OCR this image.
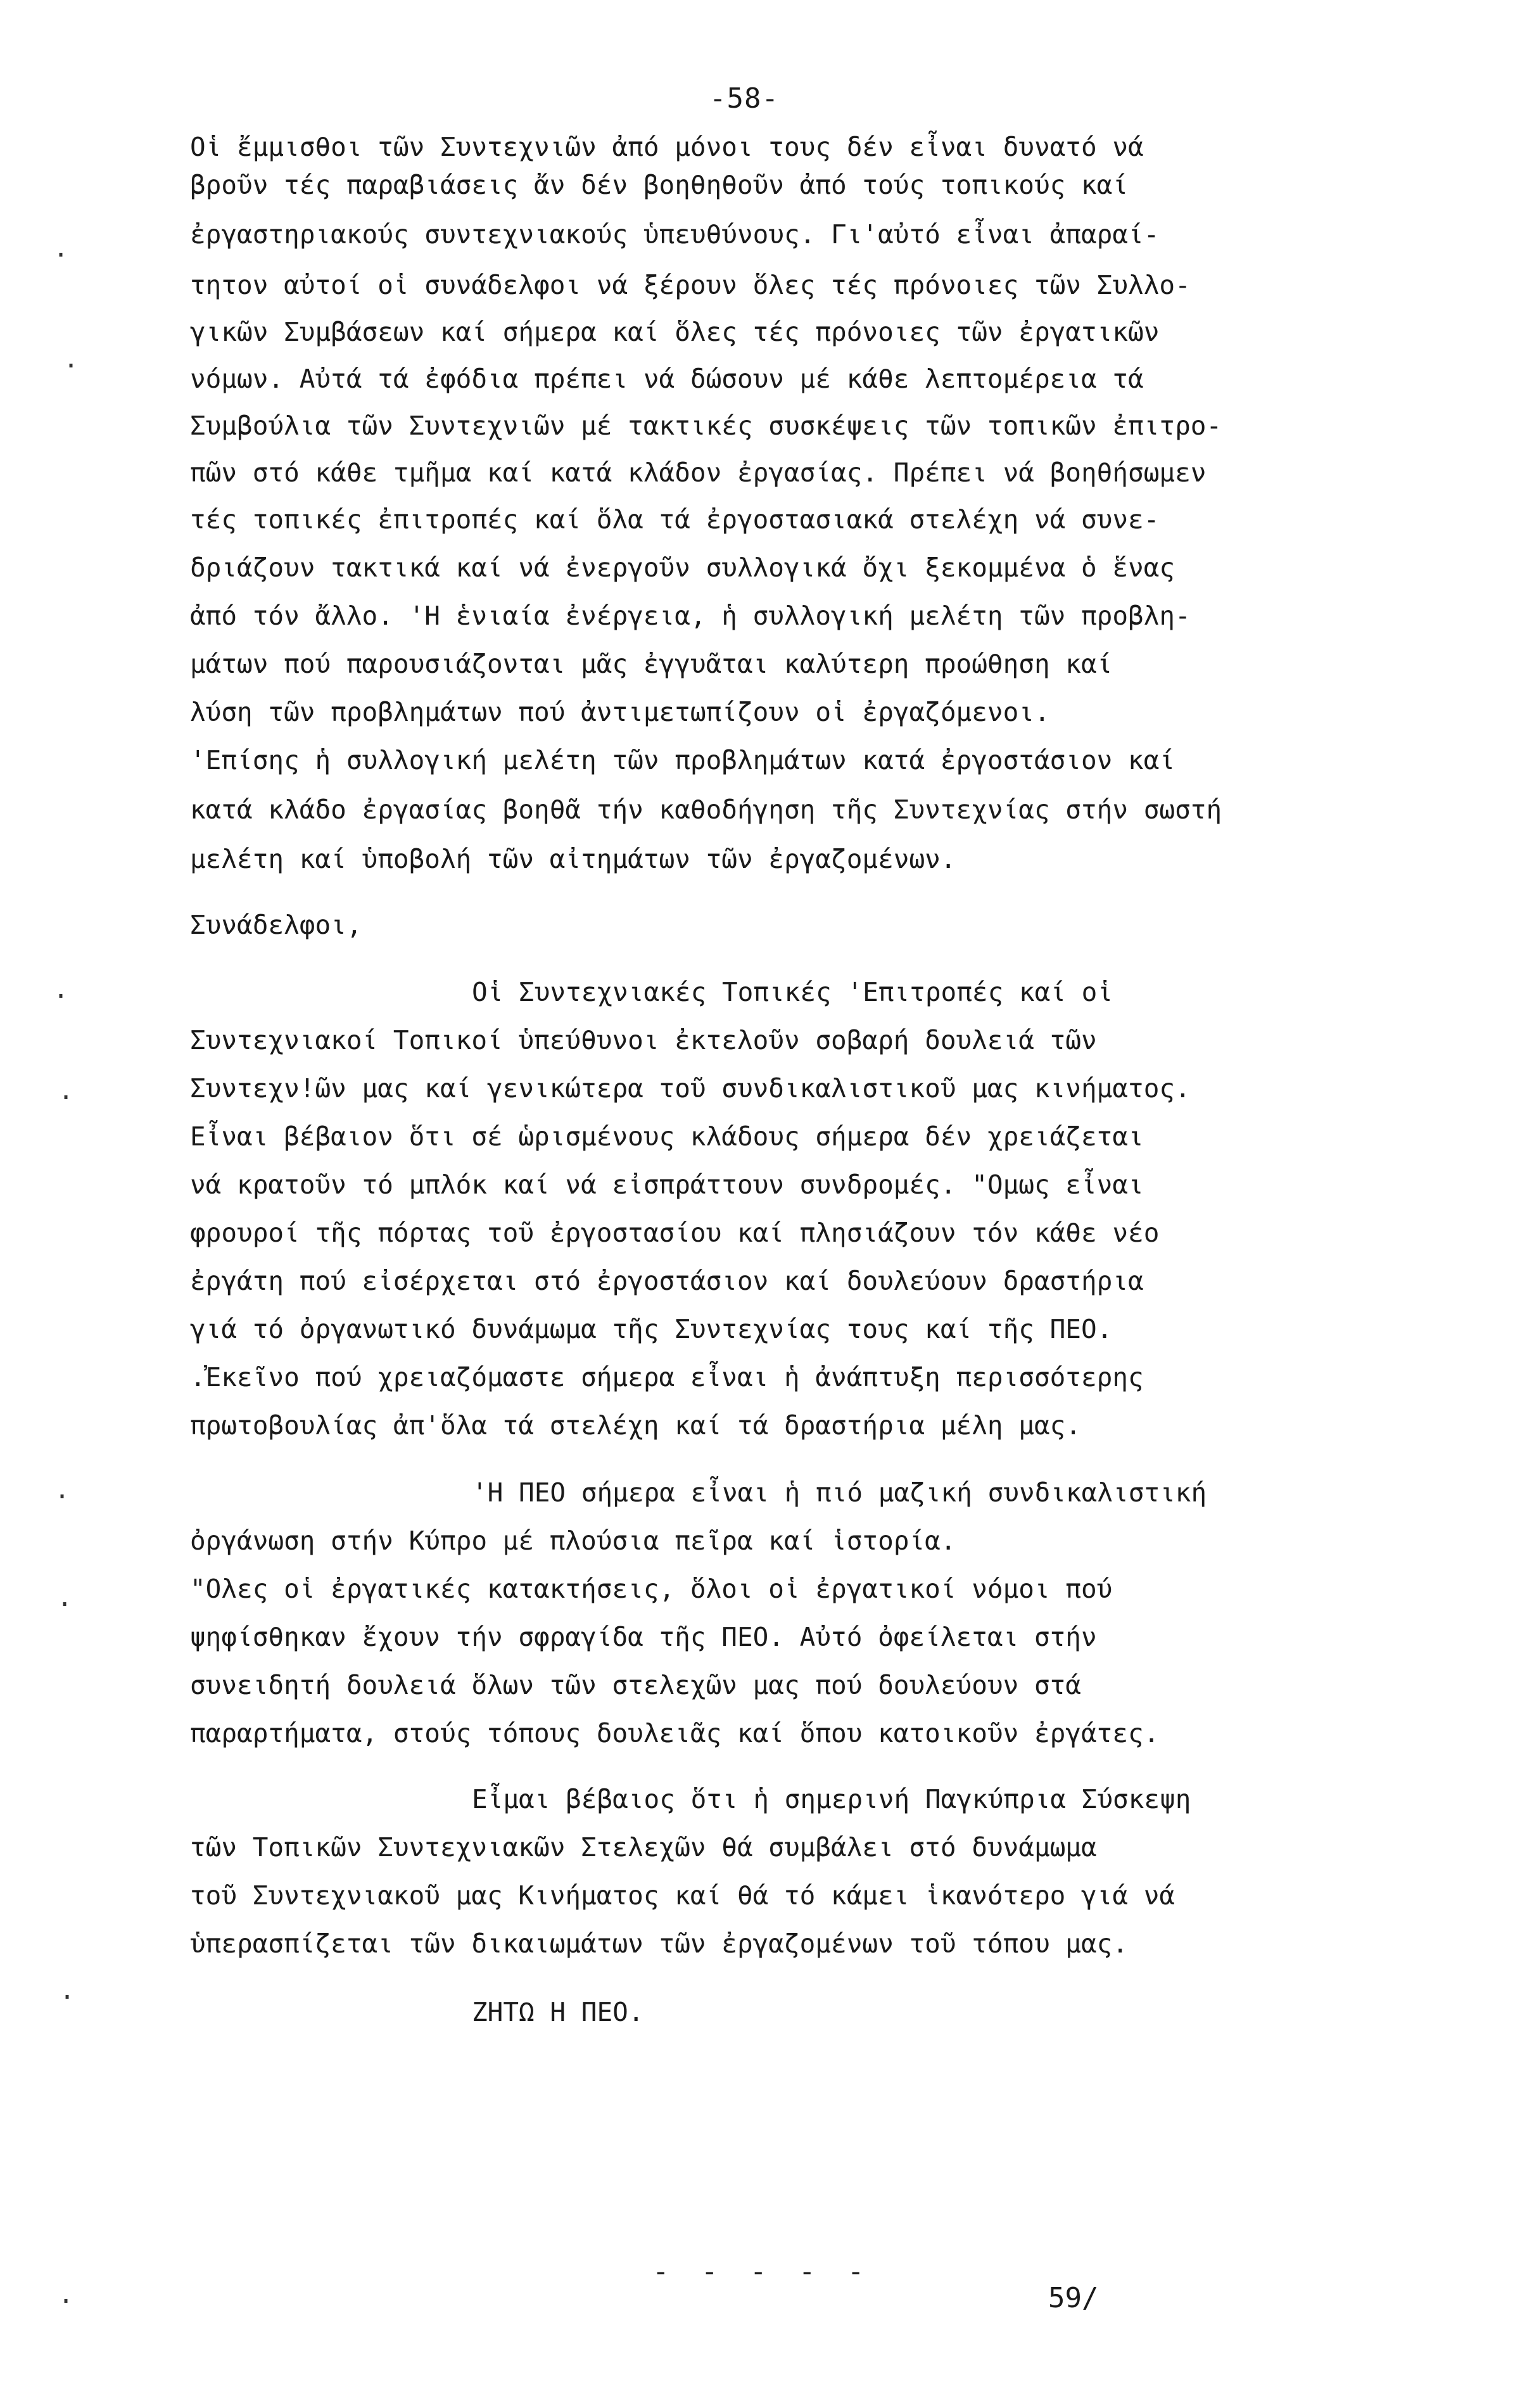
-58-
Οἱ ἔμμισθοι τῶν Συντεχνιῶν ἀπό μόνοι τους δέν εἶναι δυνατό νά
βροῦν τές παραβιάσεις ἄν δέν βοηθηθοῦν ἀπό τούς τοπικούς καί
ἐργαστηριακούς συντεχνιακούς ὑπευθύνους. Γι'αὐτό εἶναι ἀπαραί-
τητον αὐτοί οἱ συνάδελφοι νά ξέρουν ὅλες τές πρόνοιες τῶν Συλλο-
γικῶν Συμβάσεων καί σήμερα καί ὅλες τές πρόνοιες τῶν ἐργατικῶν
νόμων. Αὐτά τά ἐφόδια πρέπει νά δώσουν μέ κάθε λεπτομέρεια τά
Συμβούλια τῶν Συντεχνιῶν μέ τακτικές συσκέψεις τῶν τοπικῶν ἐπιτρο-
πῶν στό κάθε τμῆμα καί κατά κλάδον ἐργασίας. Πρέπει νά βοηθήσωμεν
τές τοπικές ἐπιτροπές καί ὅλα τά ἐργοστασιακά στελέχη νά συνε-
δριάζουν τακτικά καί νά ἐνεργοῦν συλλογικά ὄχι ξεκομμένα ὁ ἕνας
ἀπό τόν ἄλλο. 'Η ἑνιαία ἐνέργεια, ἡ συλλογική μελέτη τῶν προβλη-
μάτων πού παρουσιάζονται μᾶς ἐγγυᾶται καλύτερη προώθηση καί
λύση τῶν προβλημάτων πού ἀντιμετωπίζουν οἱ ἐργαζόμενοι.
'Επίσης ἡ συλλογική μελέτη τῶν προβλημάτων κατά ἐργοστάσιον καί
κατά κλάδο ἐργασίας βοηθᾶ τήν καθοδήγηση τῆς Συντεχνίας στήν σωστή
μελέτη καί ὑποβολή τῶν αἰτημάτων τῶν ἐργαζομένων.
Συνάδελφοι,
Οἱ Συντεχνιακές Τοπικές 'Επιτροπές καί οἱ
Συντεχνιακοί Τοπικοί ὑπεύθυνοι ἐκτελοῦν σοβαρή δουλειά τῶν
Συντεχν!ῶν μας καί γενικώτερα τοῦ συνδικαλιστικοῦ μας κινήματος.
Εἶναι βέβαιον ὅτι σέ ὡρισμένους κλάδους σήμερα δέν χρειάζεται
νά κρατοῦν τό μπλόκ καί νά εἰσπράττουν συνδρομές. "Ομως εἶναι
φρουροί τῆς πόρτας τοῦ ἐργοστασίου καί πλησιάζουν τόν κάθε νέο
ἐργάτη πού εἰσέρχεται στό ἐργοστάσιον καί δουλεύουν δραστήρια
γιά τό ὀργανωτικό δυνάμωμα τῆς Συντεχνίας τους καί τῆς ΠΕΟ.
.Ἐκεῖνο πού χρειαζόμαστε σήμερα εἶναι ἡ ἀνάπτυξη περισσότερης
πρωτοβουλίας ἀπ'ὅλα τά στελέχη καί τά δραστήρια μέλη μας.
'Η ΠΕΟ σήμερα εἶναι ἡ πιό μαζική συνδικαλιστική
ὀργάνωση στήν Κύπρο μέ πλούσια πεῖρα καί ἱστορία.
"Ολες οἱ ἐργατικές κατακτήσεις, ὅλοι οἱ ἐργατικοί νόμοι πού
ψηφίσθηκαν ἔχουν τήν σφραγίδα τῆς ΠΕΟ. Αὐτό ὀφείλεται στήν
συνειδητή δουλειά ὅλων τῶν στελεχῶν μας πού δουλεύουν στά
παραρτήματα, στούς τόπους δουλειᾶς καί ὅπου κατοικοῦν ἐργάτες.
Εἶμαι βέβαιος ὅτι ἡ σημερινή Παγκύπρια Σύσκεψη
τῶν Τοπικῶν Συντεχνιακῶν Στελεχῶν θά συμβάλει στό δυνάμωμα
τοῦ Συντεχνιακοῦ μας Κινήματος καί θά τό κάμει ἱκανότερο γιά νά
ὑπερασπίζεται τῶν δικαιωμάτων τῶν ἐργαζομένων τοῦ τόπου μας.
ΖΗΤΩ Η ΠΕΟ.
- - - - -
59/
·
·
·
·
·
·
·
·
